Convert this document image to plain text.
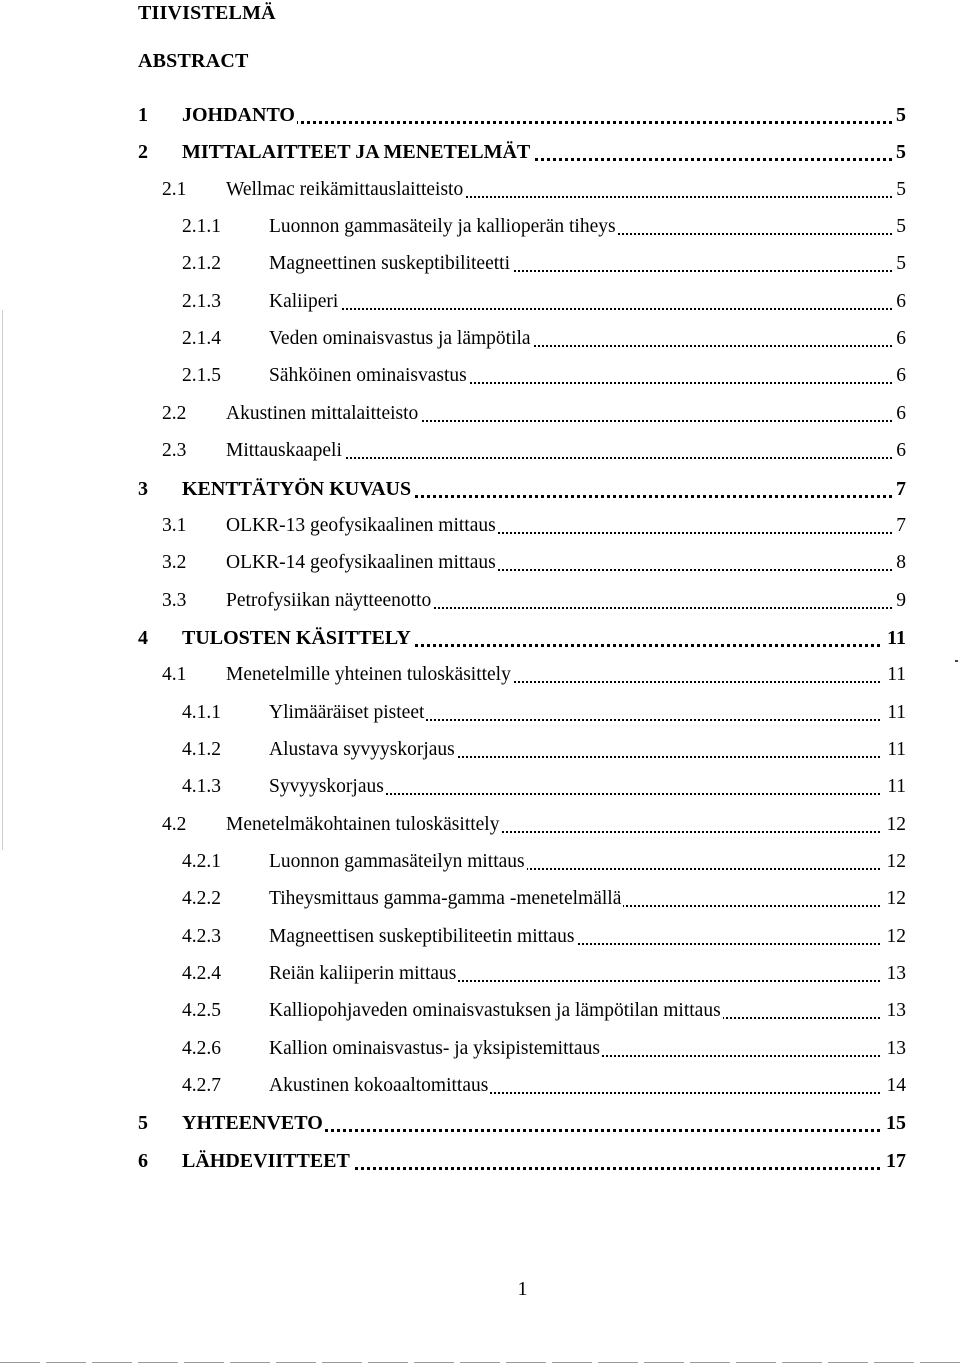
TIIVISTELMÄ
ABSTRACT
1 JOHDANTO	5
2 MITTALAITTEET JA MENETELMÄT	5
2.1 Wellmac reikämittauslaitteisto	5
2.1.1 Luonnon gammasäteily ja kallioperän tiheys	5
2.1.2 Magneettinen suskeptibiliteetti	5
2.1.3 Kaliiperi	6
2.1.4 Veden ominaisvastus ja lämpötila	6
2.1.5 Sähköinen ominaisvastus	6
2.2 Akustinen mittalaitteisto	6
2.3 Mittauskaapeli	6
3 KENTTÄTYÖN KUVAUS	7
3.1 OLKR-13 geofysikaalinen mittaus	7
3.2 OLKR-14 geofysikaalinen mittaus	8
3.3 Petrofysiikan näytteenotto	9
4 TULOSTEN KÄSITTELY	11
4.1 Menetelmille yhteinen tuloskäsittely	11
4.1.1 Ylimääräiset pisteet	11
4.1.2 Alustava syvyyskorjaus	11
4.1.3 Syvyyskorjaus	11
4.2 Menetelmäkohtainen tuloskäsittely	12
4.2.1 Luonnon gammasäteilyn mittaus	12
4.2.2 Tiheysmittaus gamma-gamma -menetelmällä	12
4.2.3 Magneettisen suskeptibiliteetin mittaus	12
4.2.4 Reiän kaliiperin mittaus	13
4.2.5 Kalliopohjaveden ominaisvastuksen ja lämpötilan mittaus	13
4.2.6 Kallion ominaisvastus- ja yksipistemittaus	13
4.2.7 Akustinen kokoaaltomittaus	14
5 YHTEENVETO	15
6 LÄHDEVIITTEET	17
1
